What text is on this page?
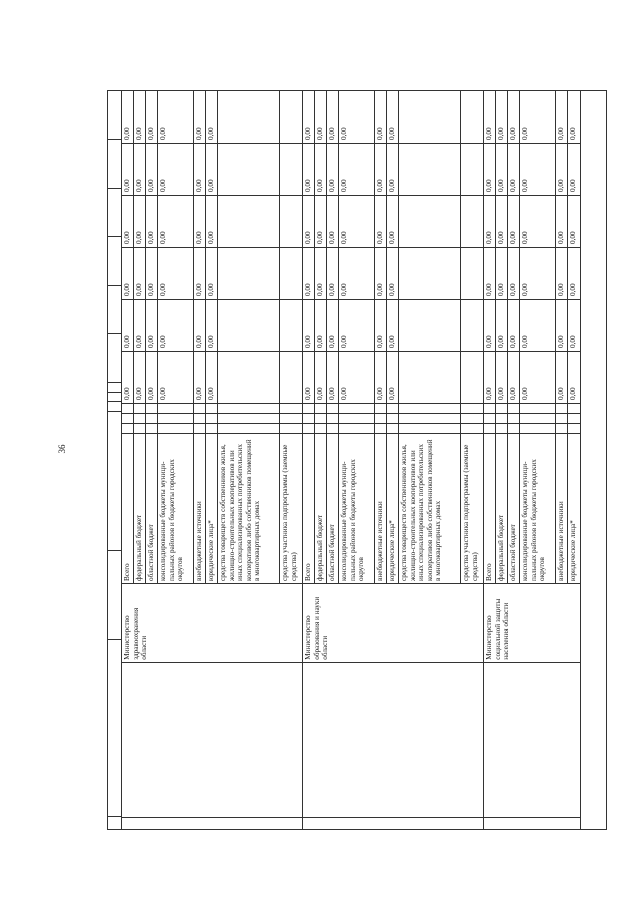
36
Министерство здравоохранения области
Всего
0,00
0,00
0,00
0,00
0,00
0,00
федеральный бюджет
0,00
0,00
0,00
0,00
0,00
0,00
областной бюджет
0,00
0,00
0,00
0,00
0,00
0,00
консолидированные бюджеты муници-пальных районов и бюджеты городских округов
0,00
0,00
0,00
0,00
0,00
0,00
внебюджетные источники
0,00
0,00
0,00
0,00
0,00
0,00
юридические лица*
0,00
0,00
0,00
0,00
0,00
0,00
средства товариществ собственников жилья, жилищно-строительных кооперативов или иных специализированных потребительских кооперативов либо собственников помещений в многоквартирных домах	средства участника подпрограммы (заемные средства)
Министерство образования и науки области
Всего
0,00
0,00
0,00
0,00
0,00
0,00
федеральный бюджет
0,00
0,00
0,00
0,00
0,00
0,00
областной бюджет
0,00
0,00
0,00
0,00
0,00
0,00
консолидированные бюджеты муници-пальных районов и бюджеты городских округов
0,00
0,00
0,00
0,00
0,00
0,00
внебюджетные источники
0,00
0,00
0,00
0,00
0,00
0,00
юридические лица*
0,00
0,00
0,00
0,00
0,00
0,00
средства товариществ собственников жилья, жилищно-строительных кооперативов или иных специализированных потребительских кооперативов либо собственников помещений в многоквартирных домах	средства участника подпрограммы (заемные средства)
Министерство социальной защиты населения области
Всего
0,00
0,00
0,00
0,00
0,00
0,00
федеральный бюджет
0,00
0,00
0,00
0,00
0,00
0,00
областной бюджет
0,00
0,00
0,00
0,00
0,00
0,00
консолидированные бюджеты муници-пальных районов и бюджеты городских округов
0,00
0,00
0,00
0,00
0,00
0,00
внебюджетные источники
0,00
0,00
0,00
0,00
0,00
0,00
юридические лица*
0,00
0,00
0,00
0,00
0,00
0,00
